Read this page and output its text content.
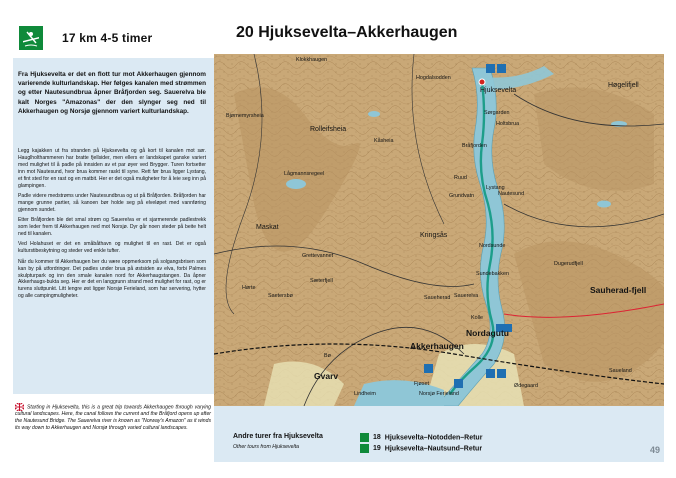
17 km 4-5 timer
Fra Hjuksevelta er det en flott tur mot Akkerhaugen gjennom varierende kulturlandskap. Her følges kanalen med strømmen og etter Nautesundbrua åpner Bråfjorden seg. Sauerelva ble kalt Norges "Amazonas" der den slynger seg ned til Akkerhaugen og Norsjø gjennom variert kulturlandskap.

Legg kajakken ut fra stranden på Hjuksevelta og gå kort til kanalen mot sør. Hauglholthammeren har bratte fjellsider, men ellers er landskapet ganske variert med mulighet til å padle på innsiden av et par øyer ved Brygger. Turen fortsetter inn mot Nautesund, hvor brua kommer raskt til syne. Rett før brua ligger Lystang, et fint sted for en rast og en matbit. Her er det også muligheter for å leie seg inn på glampingen.

Padle videre medstrøms under Nautesundbrua og ut på Bråfjorden. Bråfjorden har mange grunne partier, så kanoen bør holde seg på elveløpet med vannføring gjennom sundet.

Etter Bråfjorden ble det smal strøm og Sauerelva er et sjarmerende padlestrekk som leder frem til Akkerhaugen ned mot Norsjø. Dyr går noen steder på beite helt ned til kanalen.

Ved Holahuset er det en småbåthavn og mulighet til en rast. Det er også kulturstibeskytning og steder ved enkle tufter.

Når du kommer til Akkerhaugen ber du være oppmerksom på solgangsbrisen som kan by på utfordringer. Det padles under brua på østsiden av elva, forbi Palmes skulpturpark og inn den smale kanalen nord for Akkerhaugstangen. Da åpner Akkerhaugs-bukta seg. Her er det en langgrunn strand med mulighet for rast, og er turens sluttpunkt. Litt lengre øst ligger Norsjø Ferieland, som har servering, hytter og alle campingmuligheter.

Starting in Hjuksevelta, this is a great trip towards Akkerhaugen through varying cultural landscapes. Here, the canal follows the current and the Bråfjord opens up after the Nautesund Bridge. The Sauerelva river is known as "Norway's Amazon" as it winds its way down to Akkerhaugen and Norsjø through varied cultural landscapes.
20 Hjuksevelta–Akkerhaugen
Klokkhaugen
Hjuksevelta
Hogdalsodden
Nautesund
Nordsunde
Sørgarden
Holtsbrua
Lystang
Bråfjorden
Ruud
Grundvatn
Sauerelva
Sundebakken
Kolle
Nordagutu
Akkerhaugen
Gvarv
Lindheim
Fjøset	Ødegaard
Norsjø Ferieland
Saueherad
Sauherad-fjell
Maskat
Rolleifsheia
Kringsås
Høgelifjell
Dugerudfjell
Bø
Saueland
Lågmannsregeel
Hørte
Saetersbø
Grettevannet
Kåsheia
Sæterfjell
Bjørnemyrsheia
Andre turer fra Hjuksevelta
Other tours from Hjuksevelta
18 Hjuksevelta–Notodden–Retur
19 Hjuksevelta–Nautsund–Retur	49
